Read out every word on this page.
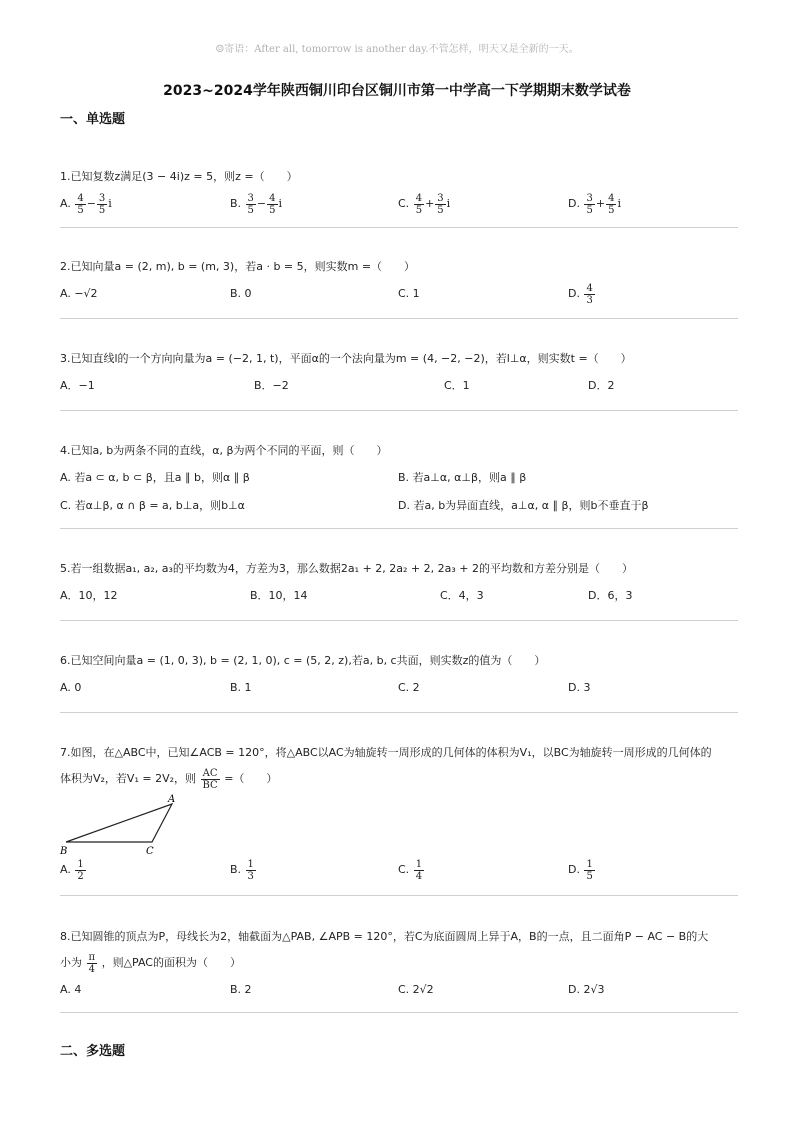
☺寄语：After all, tomorrow is another day.不管怎样，明天又是全新的一天。
2023~2024学年陕西铜川印台区铜川市第一中学高一下学期期末数学试卷
一、单选题
1.已知复数z满足(3 − 4i)z = 5，则z =（　　）
A. $\frac{4}{5} - \frac{3}{5}$ i	B. $\frac{3}{5} - \frac{4}{5}$ i	C. $\frac{4}{5} + \frac{3}{5}$ i	D. $\frac{3}{5} + \frac{4}{5}$ i
2.已知向量a = (2, m), b = (m, 3)，若a · b = 5，则实数m =（　　）
A. −√2	B. 0	C. 1	D. $\frac{4}{3}$
3.已知直线l的一个方向向量为a = (−2, 1, t)，平面α的一个法向量为m = (4, −2, −2)，若l⊥α，则实数t =（　　）
A．−1	B．−2	C．1	D．2
4.已知a, b为两条不同的直线，α, β为两个不同的平面，则（　　）
A. 若a ⊂ α, b ⊂ β，且a ∥ b，则α ∥ β	B. 若a⊥α, α⊥β，则a ∥ β
C. 若α⊥β, α ∩ β = a, b⊥a，则b⊥α	D. 若a, b为异面直线，a⊥α, α ∥ β，则b不垂直于β
5.若一组数据a₁, a₂, a₃的平均数为4，方差为3，那么数据2a₁ + 2, 2a₂ + 2, 2a₃ + 2的平均数和方差分别是（　　）
A．10，12	B．10，14	C．4，3	D．6，3
6.已知空间向量a = (1, 0, 3), b = (2, 1, 0), c = (5, 2, z),若a, b, c共面，则实数z的值为（　　）
A. 0	B. 1	C. 2	D. 3
7.如图，在△ABC中，已知∠ACB = 120°，将△ABC以AC为轴旋转一周形成的几何体的体积为V₁，以BC为轴旋转一周形成的几何体的
体积为V₂，若V₁ = 2V₂，则 $\frac{AC}{BC}$ =（　　）
A
B	C
A. $\frac{1}{2}$	B. $\frac{1}{3}$	C. $\frac{1}{4}$	D. $\frac{1}{5}$
8.已知圆锥的顶点为P，母线长为2，轴截面为△PAB, ∠APB = 120°，若C为底面圆周上异于A，B的一点，且二面角P − AC − B的大
小为 $\frac{\pi}{4}$ ，则△PAC的面积为（　　）
A. 4	B. 2	C. 2√2	D. 2√3
二、多选题
